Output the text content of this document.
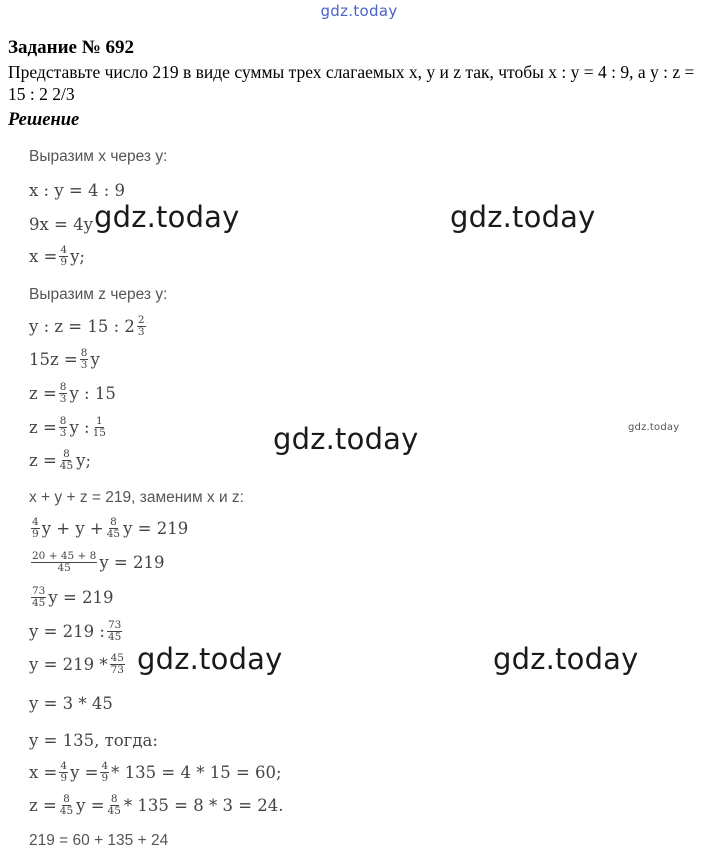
gdz.today
Задание № 692
Представьте число 219 в виде суммы трех слагаемых x, y и z так, чтобы x : y = 4 : 9, а y : z = 15 : 2 2/3
Решение
gdz.today	gdz.today
gdz.today	gdz.today
gdz.today	gdz.today
Выразим x через y:
x : y = 4 : 9
9x = 4y
$x = \frac{4}{9} y$;
Выразим z через y:
y : z = 15 : 2 2
3
$15z = \frac{8}{3}$ y
$z = \frac{8}{3}$ y : 15
$z = \frac{8}{3}$ y : 1
15
$z = \frac{8}{45} y$;
x + y + z = 219, заменим x и z:
4
9 $y + y + \frac{8}{45}$ y = 219
20 + 45 + 8
45 y = 219
73
45 y = 219
y = 219 : 73
45
y = 219 * 45
73
y = 3 * 45
y = 135, тогда:
$x = \frac{4}{9}$ $y = \frac{4}{9} * 135 = 4 * 15 = 60$;
$z = \frac{8}{45}$ $y = \frac{8}{45} * 135 = 8 * 3 = 24$.
219 = 60 + 135 + 24
